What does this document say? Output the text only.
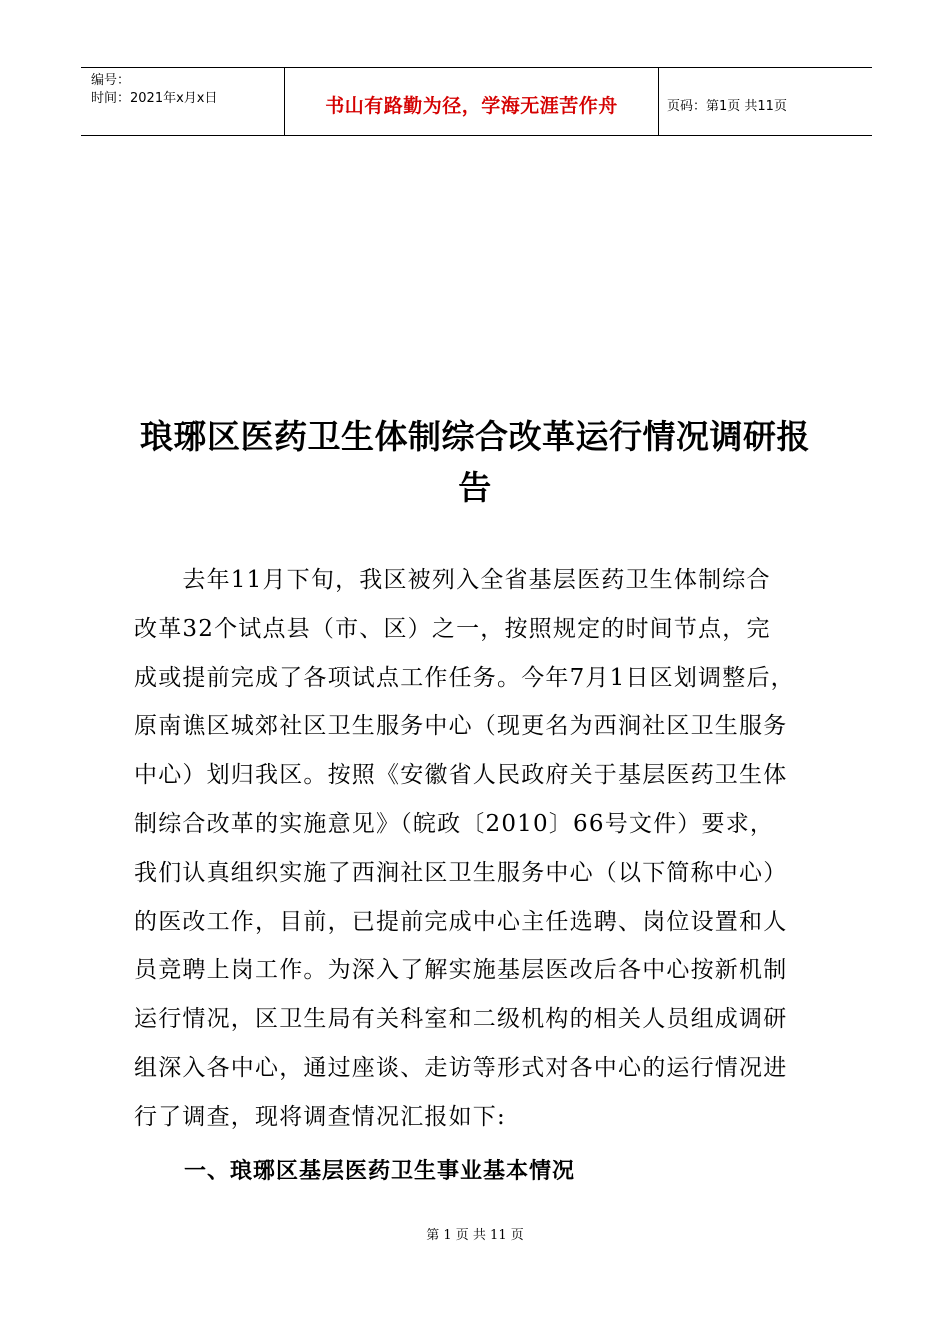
编号：
时间：2021年x月x日	书山有路勤为径，学海无涯苦作舟	页码：第1页 共11页
琅琊区医药卫生体制综合改革运行情况调研报
告
　　去年11月下旬，我区被列入全省基层医药卫生体制综合
改革32个试点县（市、区）之一，按照规定的时间节点，完
成或提前完成了各项试点工作任务。今年7月1日区划调整后，
原南谯区城郊社区卫生服务中心（现更名为西涧社区卫生服务
中心）划归我区。按照《安徽省人民政府关于基层医药卫生体
制综合改革的实施意见》（皖政〔2010〕66号文件）要求，
我们认真组织实施了西涧社区卫生服务中心（以下简称中心）
的医改工作，目前，已提前完成中心主任选聘、岗位设置和人
员竞聘上岗工作。为深入了解实施基层医改后各中心按新机制
运行情况，区卫生局有关科室和二级机构的相关人员组成调研
组深入各中心，通过座谈、走访等形式对各中心的运行情况进
行了调查，现将调查情况汇报如下:
一、琅琊区基层医药卫生事业基本情况
第 1 页 共 11 页
